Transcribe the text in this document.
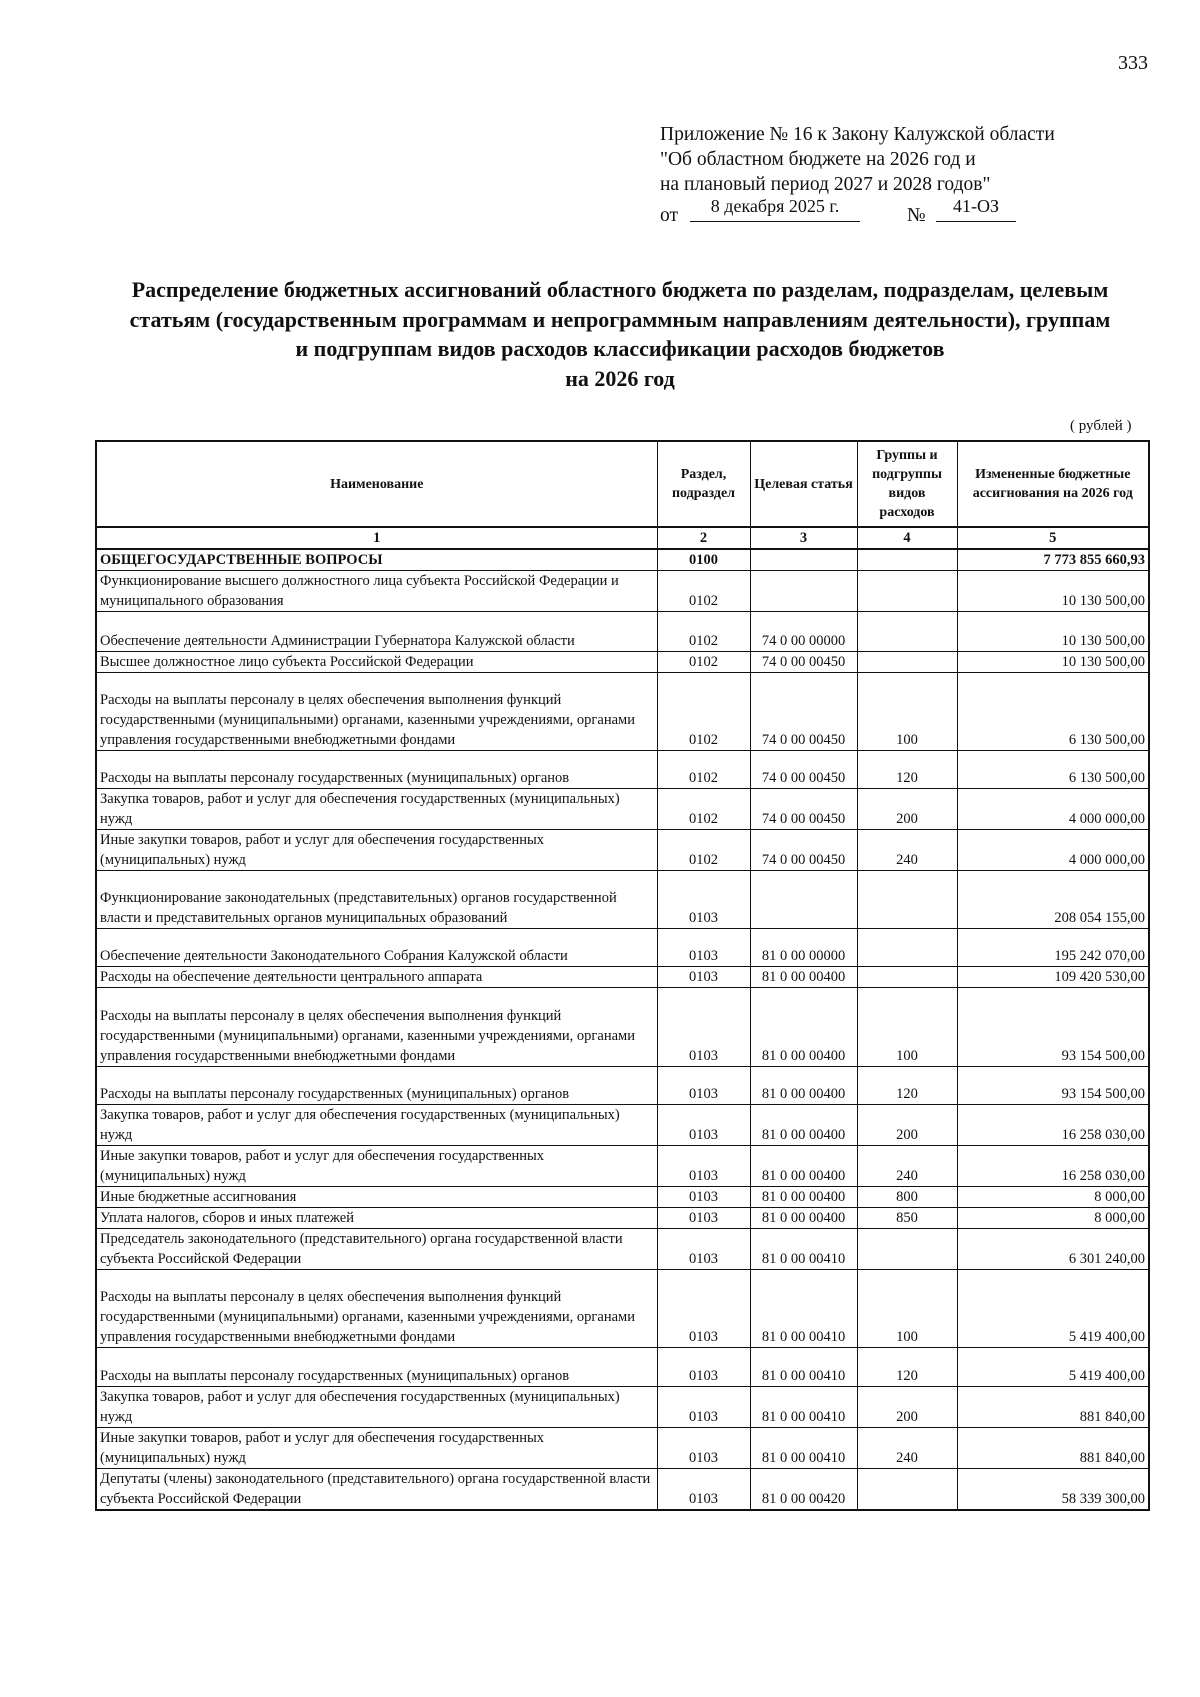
333
Приложение № 16 к Закону Калужской области
"Об областном бюджете на 2026 год и
на плановый период 2027 и 2028 годов"
от	8 декабря 2025 г.	№	41-ОЗ
Распределение бюджетных ассигнований областного бюджета по разделам, подразделам, целевым
статьям (государственным программам и непрограммным направлениям деятельности), группам
и подгруппам видов расходов классификации расходов бюджетов
на 2026 год
( рублей )
Наименование	Раздел, подраздел	Целевая статья	Группы и подгруппы видов расходов	Измененные бюджетные ассигнования на 2026 год
1	2	3	4	5
ОБЩЕГОСУДАРСТВЕННЫЕ ВОПРОСЫ	0100			7 773 855 660,93
Функционирование высшего должностного лица субъекта Российской Федерации и муниципального образования	0102			10 130 500,00
Обеспечение деятельности Администрации Губернатора Калужской области	0102	74 0 00 00000		10 130 500,00
Высшее должностное лицо субъекта Российской Федерации	0102	74 0 00 00450		10 130 500,00
Расходы на выплаты персоналу в целях обеспечения выполнения функций государственными (муниципальными) органами, казенными учреждениями, органами управления государственными внебюджетными фондами	0102	74 0 00 00450	100	6 130 500,00
Расходы на выплаты персоналу государственных (муниципальных) органов	0102	74 0 00 00450	120	6 130 500,00
Закупка товаров, работ и услуг для обеспечения государственных (муниципальных) нужд	0102	74 0 00 00450	200	4 000 000,00
Иные закупки товаров, работ и услуг для обеспечения государственных (муниципальных) нужд	0102	74 0 00 00450	240	4 000 000,00
Функционирование законодательных (представительных) органов государственной власти и представительных органов муниципальных образований	0103			208 054 155,00
Обеспечение деятельности Законодательного Собрания Калужской области	0103	81 0 00 00000		195 242 070,00
Расходы на обеспечение деятельности центрального аппарата	0103	81 0 00 00400		109 420 530,00
Расходы на выплаты персоналу в целях обеспечения выполнения функций государственными (муниципальными) органами, казенными учреждениями, органами управления государственными внебюджетными фондами	0103	81 0 00 00400	100	93 154 500,00
Расходы на выплаты персоналу государственных (муниципальных) органов	0103	81 0 00 00400	120	93 154 500,00
Закупка товаров, работ и услуг для обеспечения государственных (муниципальных) нужд	0103	81 0 00 00400	200	16 258 030,00
Иные закупки товаров, работ и услуг для обеспечения государственных (муниципальных) нужд	0103	81 0 00 00400	240	16 258 030,00
Иные бюджетные ассигнования	0103	81 0 00 00400	800	8 000,00
Уплата налогов, сборов и иных платежей	0103	81 0 00 00400	850	8 000,00
Председатель законодательного (представительного) органа государственной власти субъекта Российской Федерации	0103	81 0 00 00410		6 301 240,00
Расходы на выплаты персоналу в целях обеспечения выполнения функций государственными (муниципальными) органами, казенными учреждениями, органами управления государственными внебюджетными фондами	0103	81 0 00 00410	100	5 419 400,00
Расходы на выплаты персоналу государственных (муниципальных) органов	0103	81 0 00 00410	120	5 419 400,00
Закупка товаров, работ и услуг для обеспечения государственных (муниципальных) нужд	0103	81 0 00 00410	200	881 840,00
Иные закупки товаров, работ и услуг для обеспечения государственных (муниципальных) нужд	0103	81 0 00 00410	240	881 840,00
Депутаты (члены) законодательного (представительного) органа государственной власти субъекта Российской Федерации	0103	81 0 00 00420		58 339 300,00
